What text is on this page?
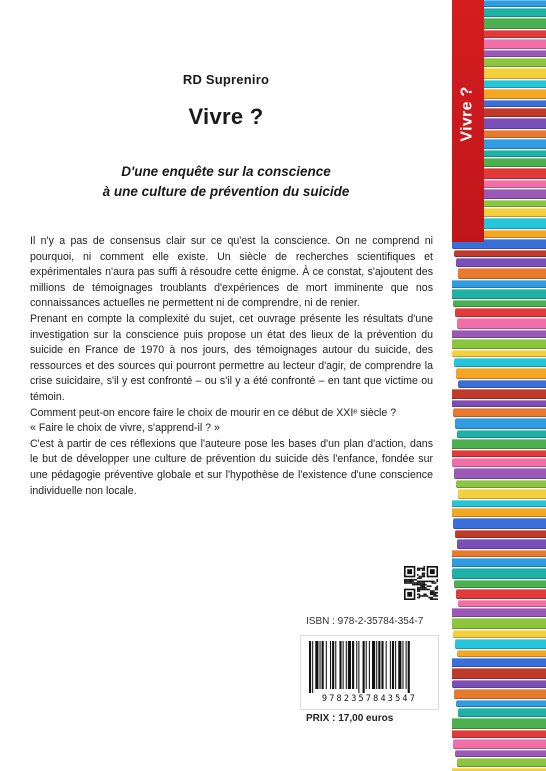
RD Supreniro
Vivre ?
D'une enquête sur la conscience
à une culture de prévention du suicide

Il n'y a pas de consensus clair sur ce qu'est la conscience. On ne comprend ni pourquoi, ni comment elle existe. Un siècle de recherches scientifiques et expérimentales n'aura pas suffi à résoudre cette énigme. À ce constat, s'ajoutent des millions de témoignages troublants d'expériences de mort imminente que nos connaissances actuelles ne permettent ni de comprendre, ni de renier.

Prenant en compte la complexité du sujet, cet ouvrage présente les résultats d'une investigation sur la conscience puis propose un état des lieux de la prévention du suicide en France de 1970 à nos jours, des témoignages autour du suicide, des ressources et des sources qui pourront permettre au lecteur d'agir, de comprendre la crise suicidaire, s'il y est confronté – ou s'il y a été confronté – en tant que victime ou témoin.

Comment peut-on encore faire le choix de mourir en ce début de XXIᵉ siècle ?

« Faire le choix de vivre, s'apprend-il ? »

C'est à partir de ces réflexions que l'auteure pose les bases d'un plan d'action, dans le but de développer une culture de prévention du suicide dès l'enfance, fondée sur une pédagogie préventive globale et sur l'hypothèse de l'existence d'une conscience individuelle non locale.

ISBN : 978-2-35784-354-7
9782357843547
PRIX : 17,00 euros
Vivre ?
